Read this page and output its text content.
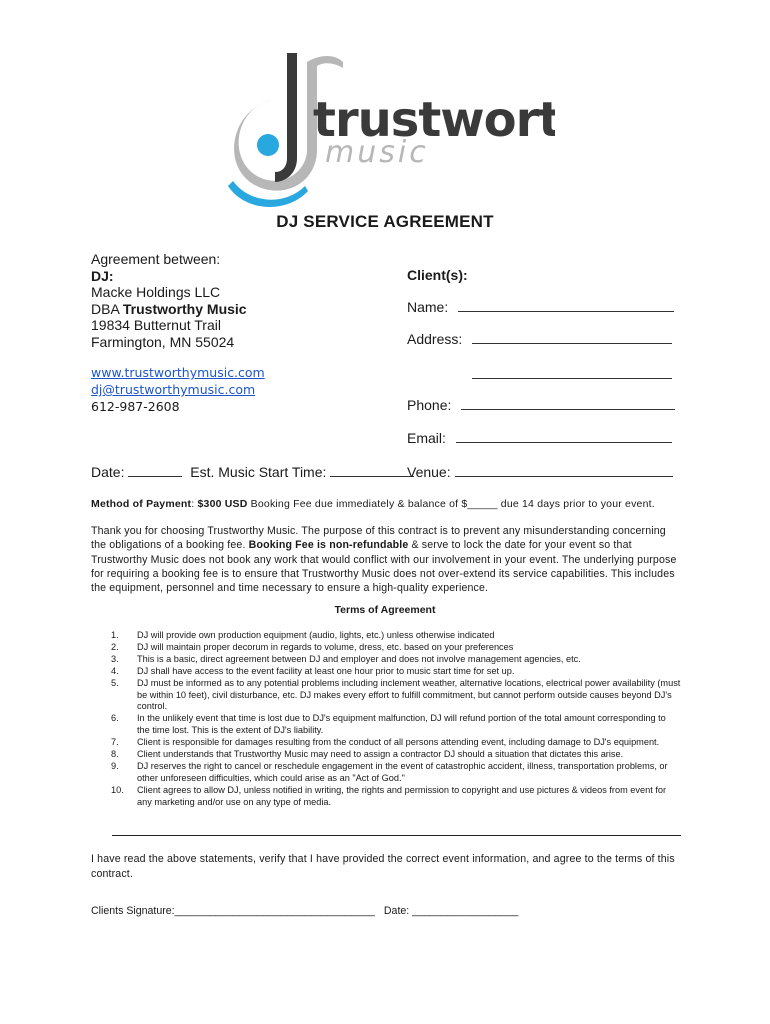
trustwort
music
DJ SERVICE AGREEMENT
Agreement between:
DJ:
Macke Holdings LLC
DBA Trustworthy Music
19834 Butternut Trail
Farmington, MN 55024
www.trustworthymusic.com
dj@trustworthymusic.com
612-987-2608
Client(s):
Name:
Address:
Phone:
Email:
Date:	Est. Music Start Time:	Venue:
Method of Payment: $300 USD Booking Fee due immediately & balance of $_____ due 14 days prior to your event.
Thank you for choosing Trustworthy Music. The purpose of this contract is to prevent any misunderstanding concerning the obligations of a booking fee. Booking Fee is non-refundable & serve to lock the date for your event so that Trustworthy Music does not book any work that would conflict with our involvement in your event. The underlying purpose for requiring a booking fee is to ensure that Trustworthy Music does not over-extend its service capabilities. This includes the equipment, personnel and time necessary to ensure a high-quality experience.
Terms of Agreement
1.	DJ will provide own production equipment (audio, lights, etc.) unless otherwise indicated
2.	DJ will maintain proper decorum in regards to volume, dress, etc. based on your preferences
3.	This is a basic, direct agreement between DJ and employer and does not involve management agencies, etc.
4.	DJ shall have access to the event facility at least one hour prior to music start time for set up.
5.	DJ must be informed as to any potential problems including inclement weather, alternative locations, electrical power availability (must be within 10 feet), civil disturbance, etc. DJ makes every effort to fulfill commitment, but cannot perform outside causes beyond DJ's control.
6.	In the unlikely event that time is lost due to DJ's equipment malfunction, DJ will refund portion of the total amount corresponding to the time lost. This is the extent of DJ's liability.
7.	Client is responsible for damages resulting from the conduct of all persons attending event, including damage to DJ's equipment.
8.	Client understands that Trustworthy Music may need to assign a contractor DJ should a situation that dictates this arise.
9.	DJ reserves the right to cancel or reschedule engagement in the event of catastrophic accident, illness, transportation problems, or other unforeseen difficulties, which could arise as an "Act of God."
10.	Client agrees to allow DJ, unless notified in writing, the rights and permission to copyright and use pictures & videos from event for any marketing and/or use on any type of media.
I have read the above statements, verify that I have provided the correct event information, and agree to the terms of this contract.
Clients Signature:__________________________________ Date: __________________
